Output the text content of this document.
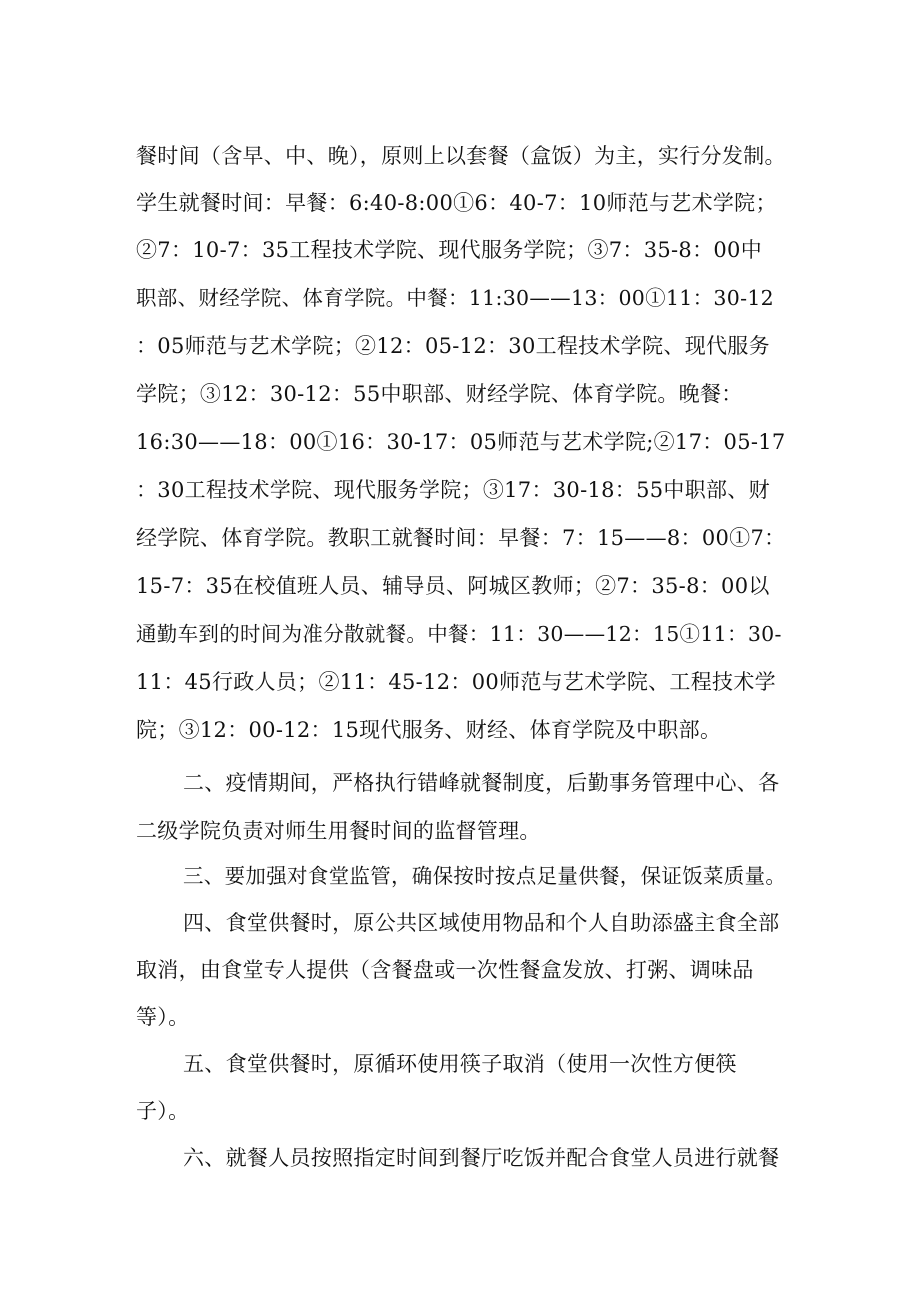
餐时间（含早、中、晚），原则上以套餐（盒饭）为主，实行分发制。
学生就餐时间：早餐：6:40-8:00①6：40-7：10师范与艺术学院；
②7：10-7：35工程技术学院、现代服务学院；③7：35-8：00中
职部、财经学院、体育学院。中餐：11:30——13：00①11：30-12
：05师范与艺术学院；②12：05-12：30工程技术学院、现代服务
学院；③12：30-12：55中职部、财经学院、体育学院。晚餐：
16:30——18：00①16：30-17：05师范与艺术学院;②17：05-17
：30工程技术学院、现代服务学院；③17：30-18：55中职部、财
经学院、体育学院。教职工就餐时间：早餐：7：15——8：00①7：
15-7：35在校值班人员、辅导员、阿城区教师；②7：35-8：00以
通勤车到的时间为准分散就餐。中餐：11：30——12：15①11：30-
11：45行政人员；②11：45-12：00师范与艺术学院、工程技术学
院；③12：00-12：15现代服务、财经、体育学院及中职部。
二、疫情期间，严格执行错峰就餐制度，后勤事务管理中心、各
二级学院负责对师生用餐时间的监督管理。
三、要加强对食堂监管，确保按时按点足量供餐，保证饭菜质量。
四、食堂供餐时，原公共区域使用物品和个人自助添盛主食全部
取消，由食堂专人提供（含餐盘或一次性餐盒发放、打粥、调味品
等）。
五、食堂供餐时，原循环使用筷子取消（使用一次性方便筷
子）。
六、就餐人员按照指定时间到餐厅吃饭并配合食堂人员进行就餐
